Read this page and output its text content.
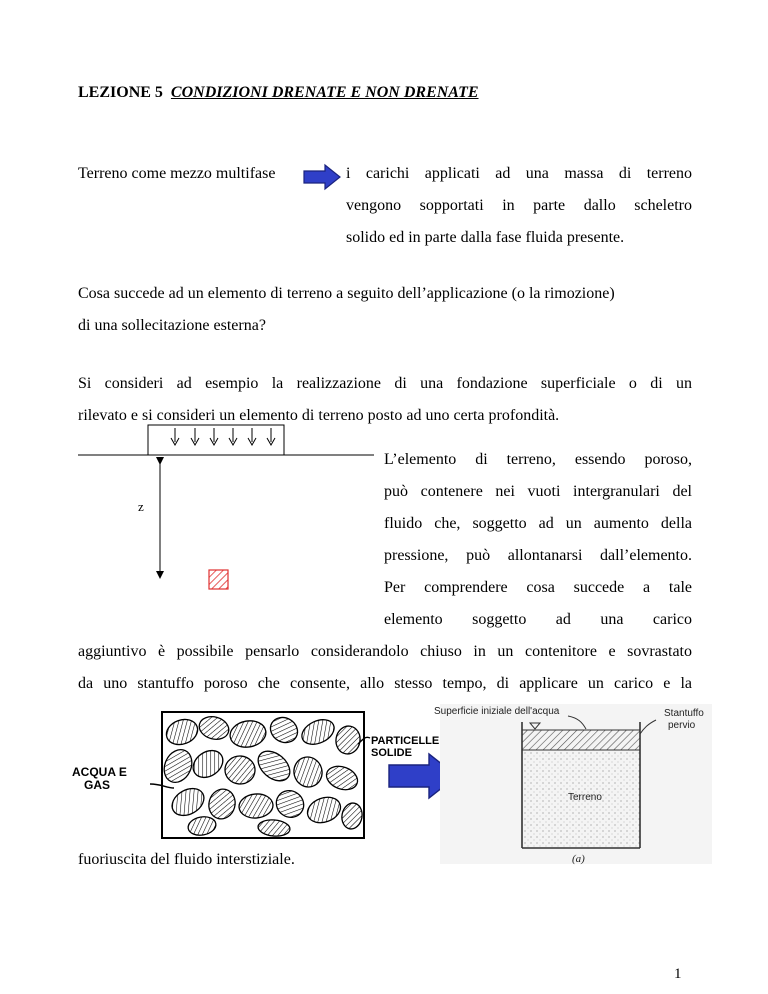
LEZIONE 5 CONDIZIONI DRENATE E NON DRENATE
Terreno come mezzo multifase	i carichi applicati ad una massa di terreno
vengono sopportati in parte dallo scheletro
solido ed in parte dalla fase fluida presente.
Cosa succede ad un elemento di terreno a seguito dell’applicazione (o la rimozione)
di una sollecitazione esterna?
Si consideri ad esempio la realizzazione di una fondazione superficiale o di un
rilevato e si consideri un elemento di terreno posto ad uno certa profondità.
z
L’elemento di terreno, essendo poroso,
può contenere nei vuoti intergranulari del
fluido che, soggetto ad un aumento della
pressione, può allontanarsi dall’elemento.
Per comprendere cosa succede a tale
elemento soggetto ad una carico
aggiuntivo è possibile pensarlo considerandolo chiuso in un contenitore e sovrastato
da uno stantuffo poroso che consente, allo stesso tempo, di applicare un carico e la
PARTICELLE
SOLIDE
ACQUA E
GAS
Superficie iniziale dell'acqua	Stantuffo
pervio
Terreno
(a)
fuoriuscita del fluido interstiziale.
1
